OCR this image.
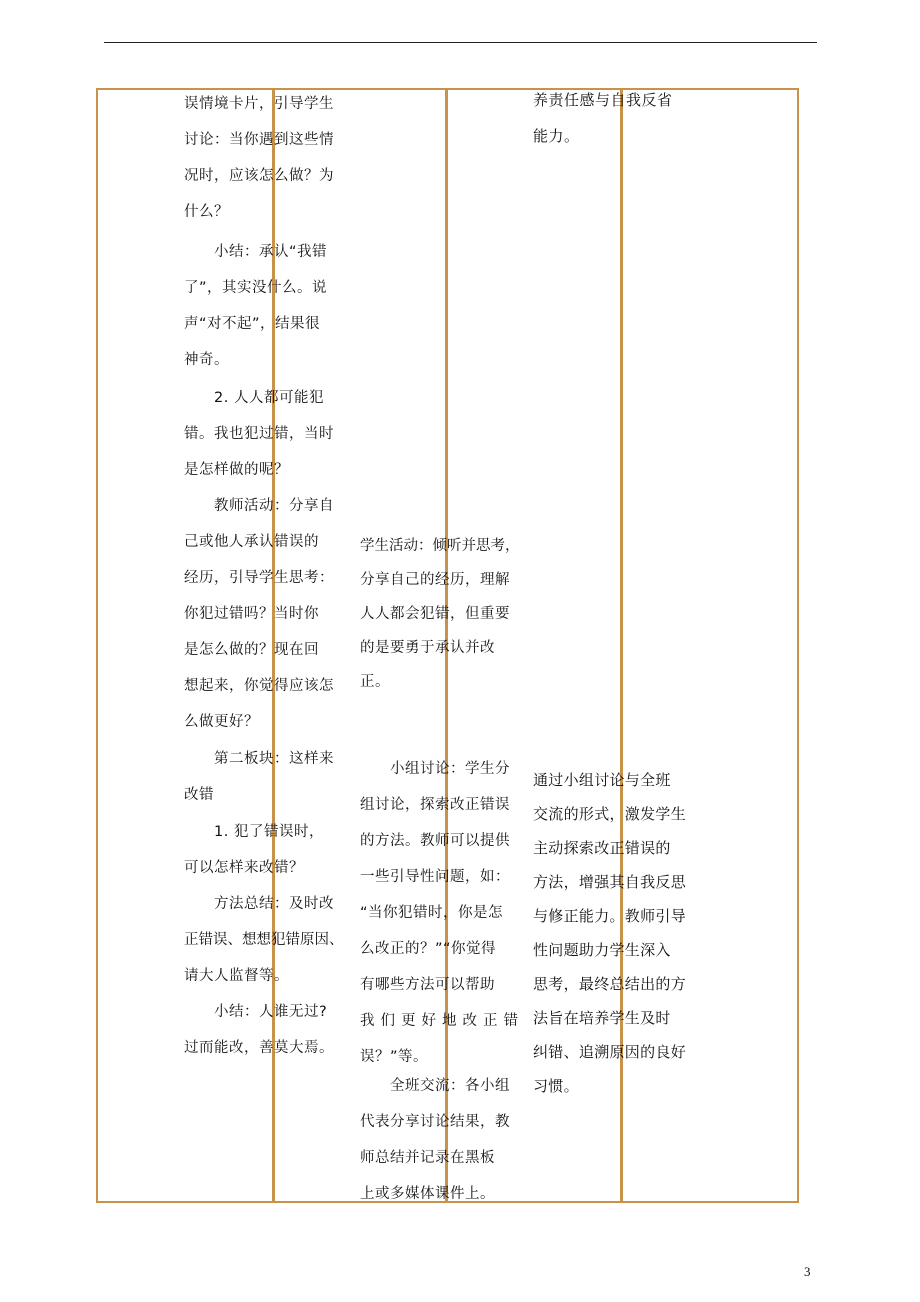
误情境卡片，引导学生
讨论：当你遇到这些情
况时，应该怎么做？为
什么？
小结：承认“我错
了”，其实没什么。说
声“对不起”，结果很
神奇。
2. 人人都可能犯
错。我也犯过错，当时
是怎样做的呢？
教师活动：分享自
己或他人承认错误的
经历，引导学生思考：
你犯过错吗？当时你
是怎么做的？现在回
想起来，你觉得应该怎
么做更好？
第二板块：这样来
改错
1. 犯了错误时，
可以怎样来改错？
方法总结：及时改
正错误、想想犯错原因、
请大人监督等。
小结：人谁无过?
过而能改，善莫大焉。
学生活动：倾听并思考，
分享自己的经历，理解
人人都会犯错，但重要
的是要勇于承认并改
正。
小组讨论：学生分
组讨论，探索改正错误
的方法。教师可以提供
一些引导性问题，如：
“当你犯错时，你是怎
么改正的？”“你觉得
有哪些方法可以帮助
我们更好地改正错
误？”等。
全班交流：各小组
代表分享讨论结果，教
师总结并记录在黑板
上或多媒体课件上。
养责任感与自我反省
能力。
通过小组讨论与全班
交流的形式，激发学生
主动探索改正错误的
方法，增强其自我反思
与修正能力。教师引导
性问题助力学生深入
思考，最终总结出的方
法旨在培养学生及时
纠错、追溯原因的良好
习惯。
3
